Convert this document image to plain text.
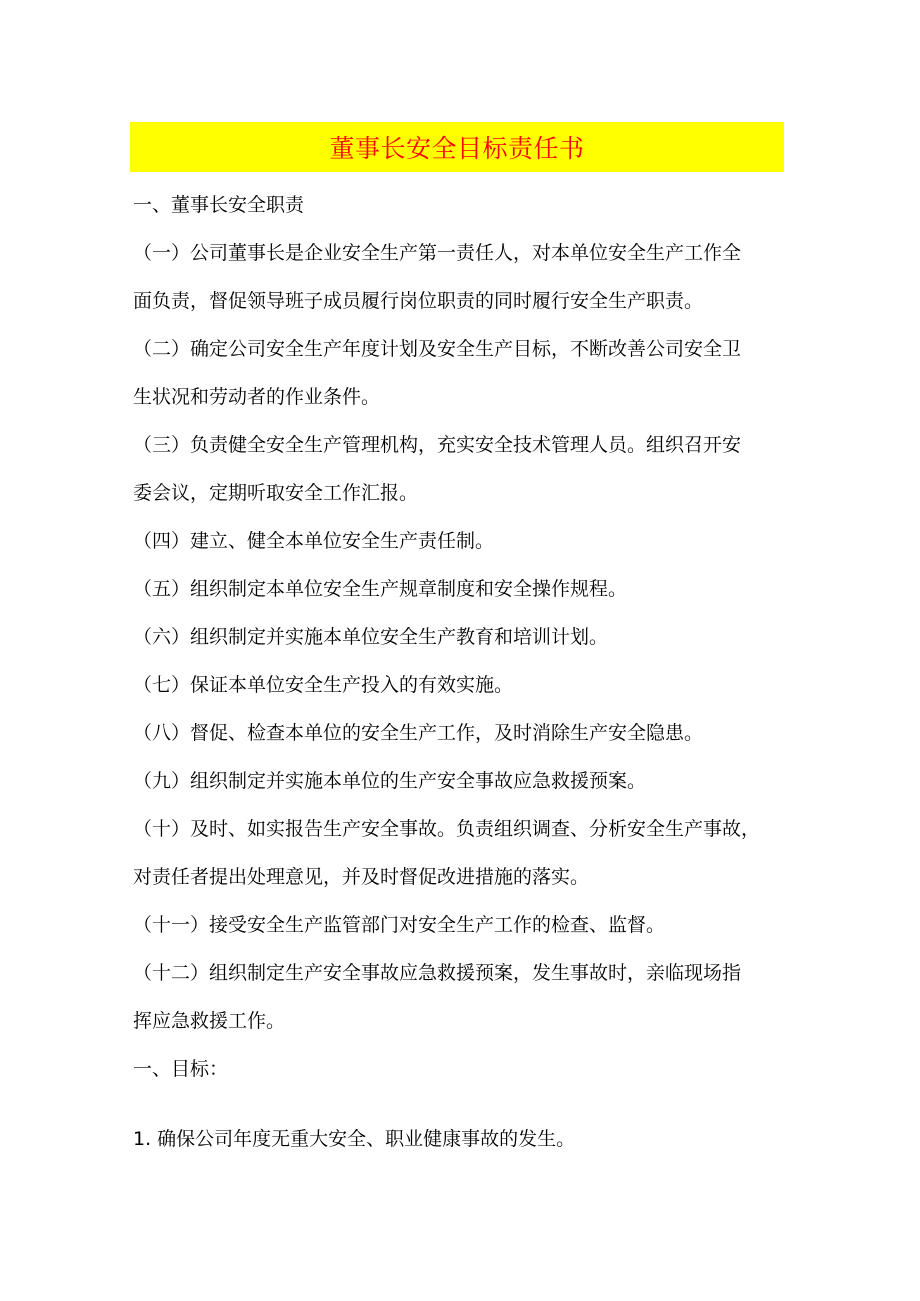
董事长安全目标责任书
一、董事长安全职责
（一）公司董事长是企业安全生产第一责任人，对本单位安全生产工作全
面负责，督促领导班子成员履行岗位职责的同时履行安全生产职责。
（二）确定公司安全生产年度计划及安全生产目标，不断改善公司安全卫
生状况和劳动者的作业条件。
（三）负责健全安全生产管理机构，充实安全技术管理人员。组织召开安
委会议，定期听取安全工作汇报。
（四）建立、健全本单位安全生产责任制。
（五）组织制定本单位安全生产规章制度和安全操作规程。
（六）组织制定并实施本单位安全生产教育和培训计划。
（七）保证本单位安全生产投入的有效实施。
（八）督促、检查本单位的安全生产工作，及时消除生产安全隐患。
（九）组织制定并实施本单位的生产安全事故应急救援预案。
（十）及时、如实报告生产安全事故。负责组织调查、分析安全生产事故，
对责任者提出处理意见，并及时督促改进措施的落实。
（十一）接受安全生产监管部门对安全生产工作的检查、监督。
（十二）组织制定生产安全事故应急救援预案，发生事故时，亲临现场指
挥应急救援工作。
一、目标：
1. 确保公司年度无重大安全、职业健康事故的发生。
